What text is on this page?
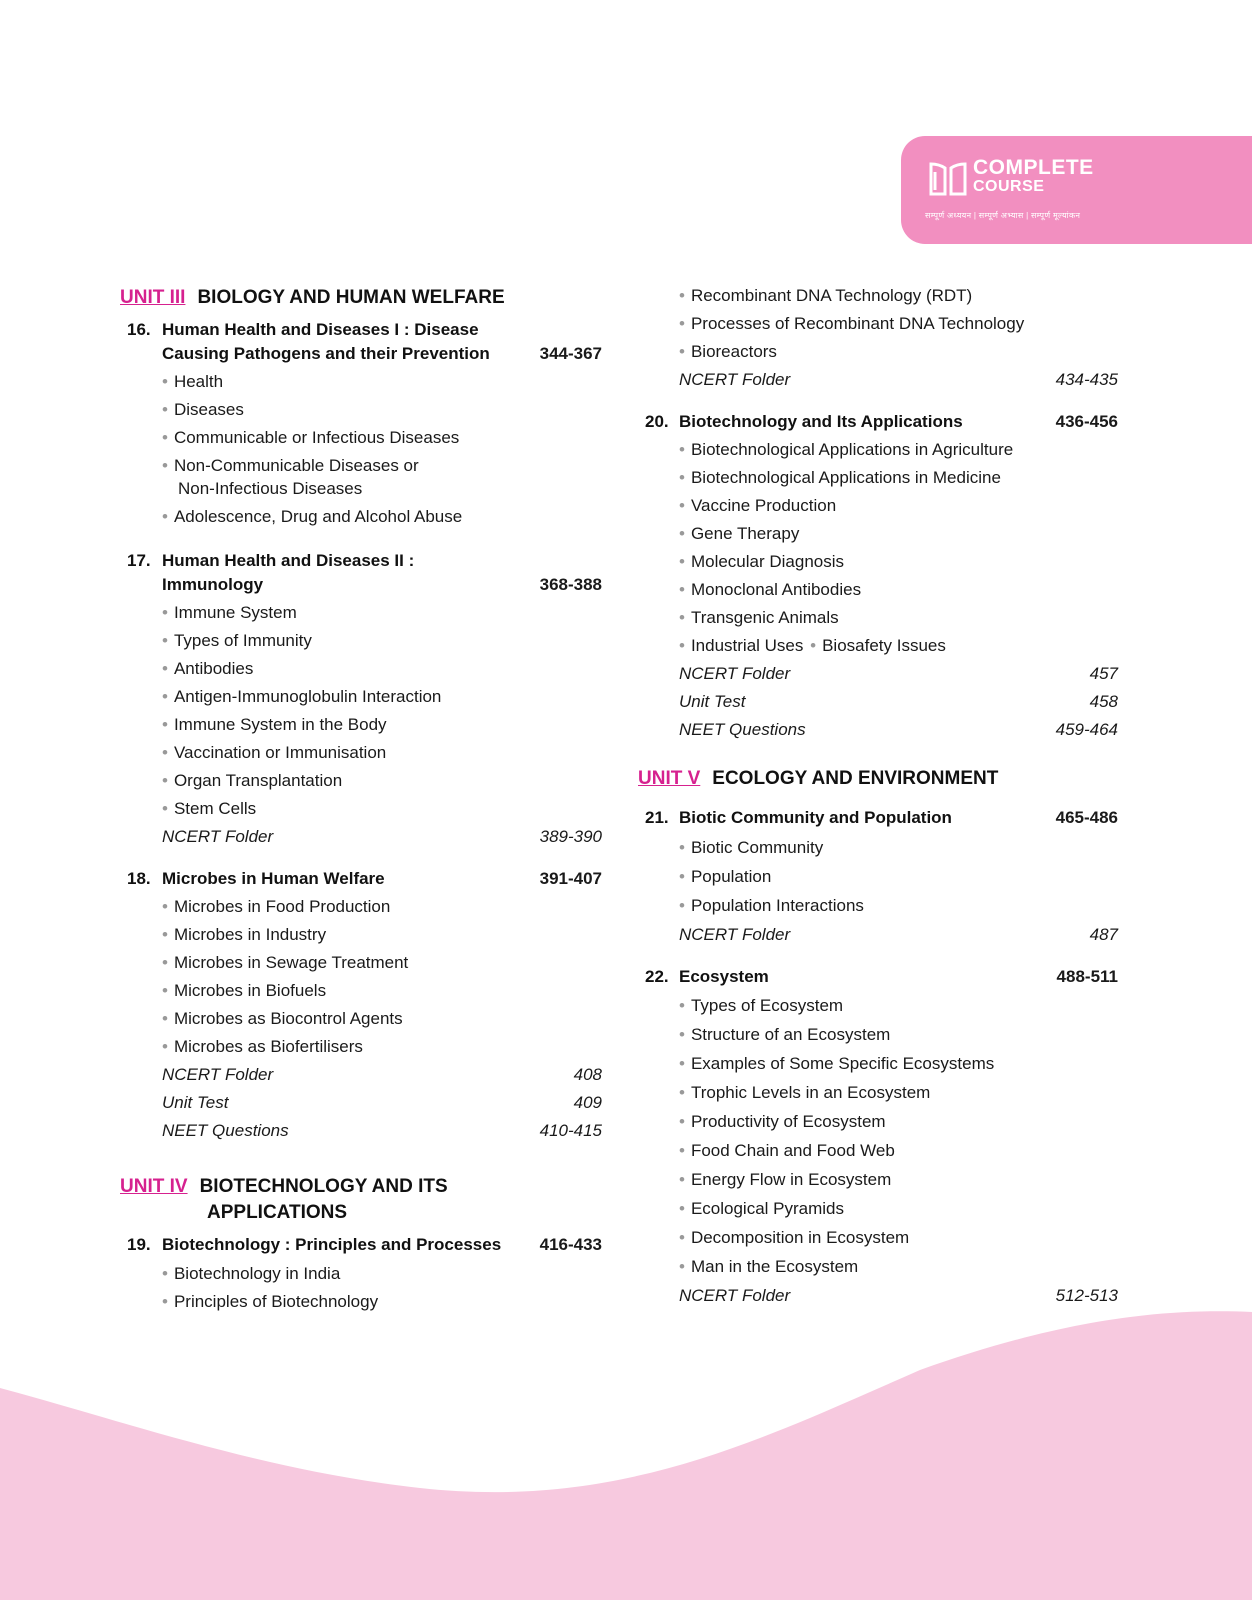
COMPLETE
COURSE
सम्पूर्ण अध्ययन | सम्पूर्ण अभ्यास | सम्पूर्ण मूल्यांकन
UNIT III BIOLOGY AND HUMAN WELFARE
16. Human Health and Diseases I : Disease
Causing Pathogens and their Prevention	344-367
• Health
• Diseases
• Communicable or Infectious Diseases
• Non-Communicable Diseases or
Non-Infectious Diseases
• Adolescence, Drug and Alcohol Abuse
17. Human Health and Diseases II :
Immunology	368-388
• Immune System
• Types of Immunity
• Antibodies
• Antigen-Immunoglobulin Interaction
• Immune System in the Body
• Vaccination or Immunisation
• Organ Transplantation
• Stem Cells
NCERT Folder	389-390
18. Microbes in Human Welfare	391-407
• Microbes in Food Production
• Microbes in Industry
• Microbes in Sewage Treatment
• Microbes in Biofuels
• Microbes as Biocontrol Agents
• Microbes as Biofertilisers
NCERT Folder	408
Unit Test	409
NEET Questions	410-415
UNIT IV BIOTECHNOLOGY AND ITS
APPLICATIONS
19. Biotechnology : Principles and Processes	416-433
• Biotechnology in India
• Principles of Biotechnology
• Recombinant DNA Technology (RDT)
• Processes of Recombinant DNA Technology
• Bioreactors
NCERT Folder	434-435
20. Biotechnology and Its Applications	436-456
• Biotechnological Applications in Agriculture
• Biotechnological Applications in Medicine
• Vaccine Production
• Gene Therapy
• Molecular Diagnosis
• Monoclonal Antibodies
• Transgenic Animals
• Industrial Uses • Biosafety Issues
NCERT Folder	457
Unit Test	458
NEET Questions	459-464
UNIT V ECOLOGY AND ENVIRONMENT
21. Biotic Community and Population	465-486
• Biotic Community
• Population
• Population Interactions
NCERT Folder	487
22. Ecosystem	488-511
• Types of Ecosystem
• Structure of an Ecosystem
• Examples of Some Specific Ecosystems
• Trophic Levels in an Ecosystem
• Productivity of Ecosystem
• Food Chain and Food Web
• Energy Flow in Ecosystem
• Ecological Pyramids
• Decomposition in Ecosystem
• Man in the Ecosystem
NCERT Folder	512-513
